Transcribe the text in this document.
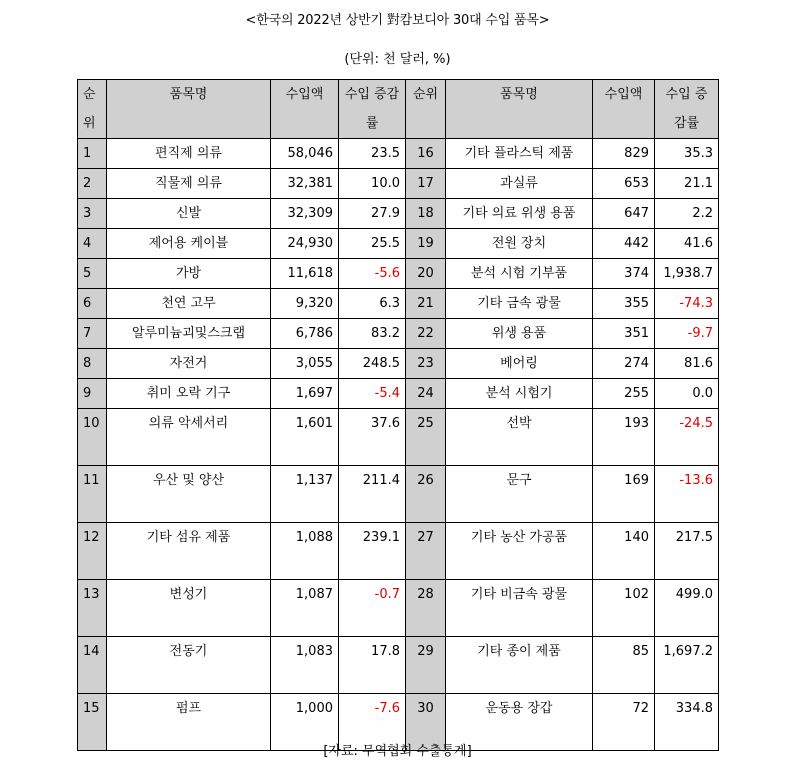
<한국의 2022년 상반기 對캄보디아 30대 수입 품목>
(단위: 천 달러, %)
순위	품목명	수입액	수입 증감률	순위	품목명	수입액	수입 증감률
1	편직제 의류	58,046	23.5	16	기타 플라스틱 제품	829	35.3
2	직물제 의류	32,381	10.0	17	과실류	653	21.1
3	신발	32,309	27.9	18	기타 의료 위생 용품	647	2.2
4	제어용 케이블	24,930	25.5	19	전원 장치	442	41.6
5	가방	11,618	-5.6	20	분석 시험 기부품	374	1,938.7
6	천연 고무	9,320	6.3	21	기타 금속 광물	355	-74.3
7	알루미늄괴및스크랩	6,786	83.2	22	위생 용품	351	-9.7
8	자전거	3,055	248.5	23	베어링	274	81.6
9	취미 오락 기구	1,697	-5.4	24	분석 시험기	255	0.0
10	의류 악세서리	1,601	37.6	25	선박	193	-24.5
11	우산 및 양산	1,137	211.4	26	문구	169	-13.6
12	기타 섬유 제품	1,088	239.1	27	기타 농산 가공품	140	217.5
13	변성기	1,087	-0.7	28	기타 비금속 광물	102	499.0
14	전동기	1,083	17.8	29	기타 종이 제품	85	1,697.2
15	펌프	1,000	-7.6	30	운동용 장갑	72	334.8
[자료: 무역협회 수출통계]
